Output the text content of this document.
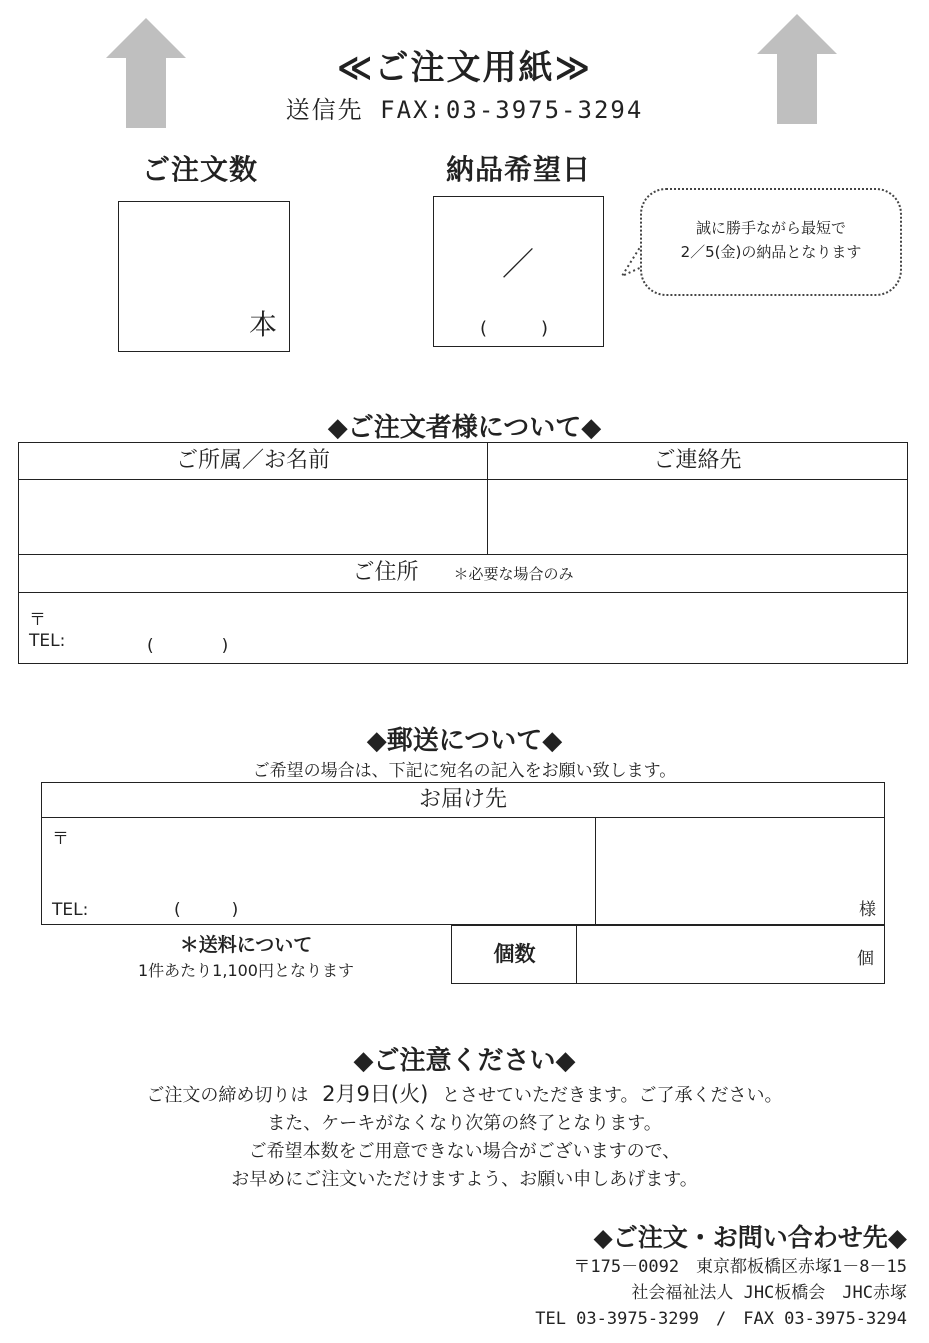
≪ご注文用紙≫
送信先 FAX:03-3975-3294
ご注文数
本
納品希望日
／
(　　　)
誠に勝手ながら最短で
2／5(金)の納品となります
◆ご注文者様について◆
ご所属／お名前	ご連絡先

ご住所 ＊必要な場合のみ	

〒
TEL: (　　　　)	
◆郵送について◆
ご希望の場合は、下記に宛名の記入をお願い致します。
お届け先

〒
TEL:	(　　　)	様
＊送料について
1件あたり1,100円となります
個数	個
◆ご注意ください◆
ご注文の締め切りは 2月9日(火) とさせていただきます。ご了承ください。
また、ケーキがなくなり次第の終了となります。
ご希望本数をご用意できない場合がございますので、
お早めにご注文いただけますよう、お願い申しあげます。
◆ご注文・お問い合わせ先◆
〒175－0092　東京都板橋区赤塚1－8－15
社会福祉法人 JHC板橋会　JHC赤塚
TEL 03-3975-3299　/　FAX 03-3975-3294
